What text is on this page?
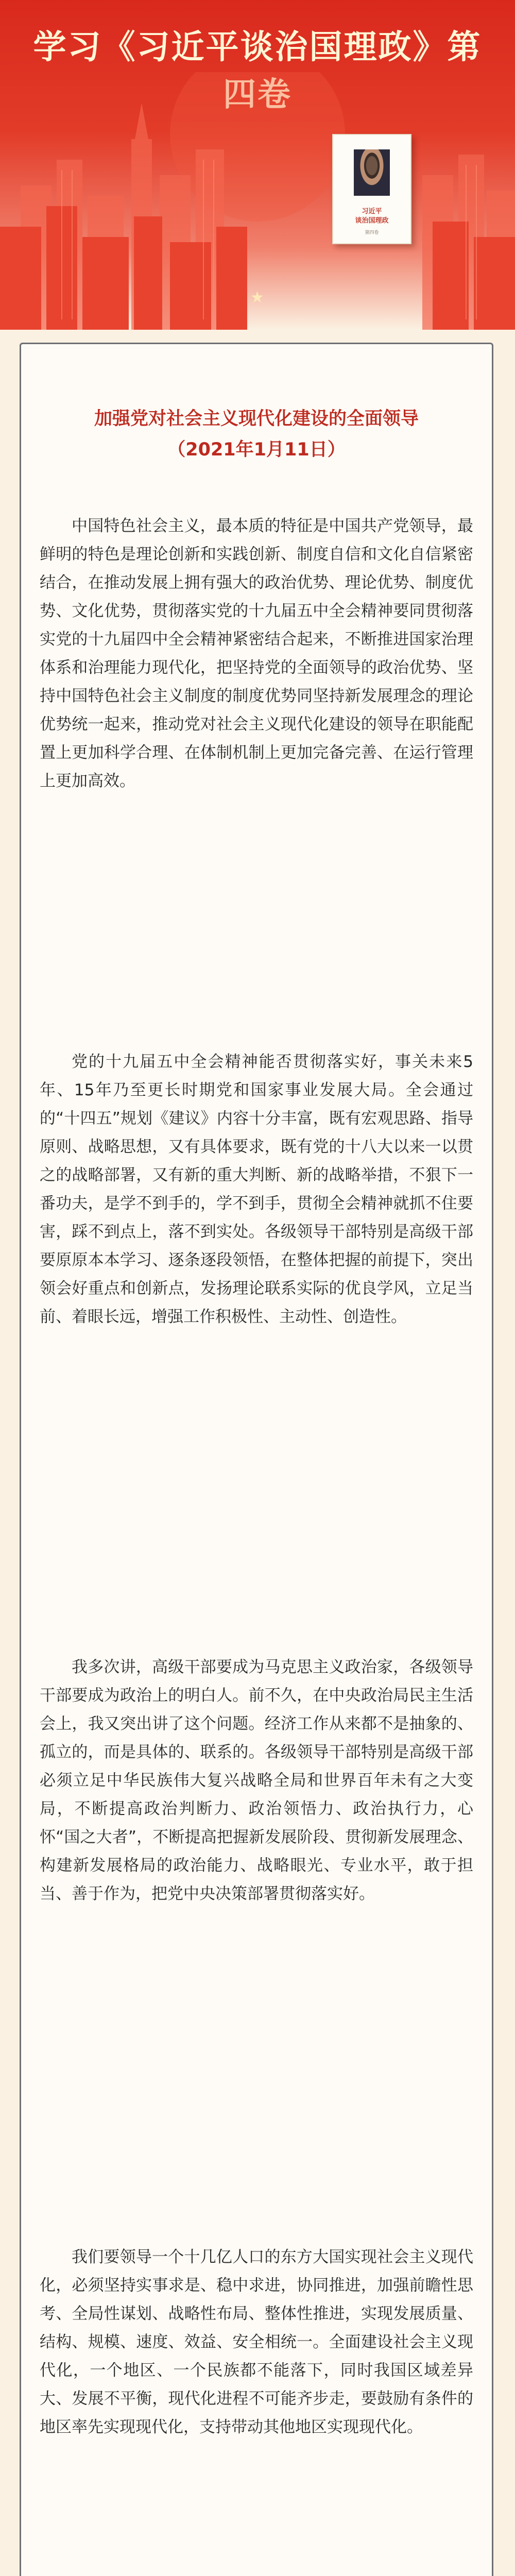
学习《习近平谈治国理政》第四卷
习近平
谈治国理政
第四卷
★
加强党对社会主义现代化建设的全面领导
（2021年1月11日）

中国特色社会主义，最本质的特征是中国共产党领导，最鲜明的特色是理论创新和实践创新、制度自信和文化自信紧密结合，在推动发展上拥有强大的政治优势、理论优势、制度优势、文化优势，贯彻落实党的十九届五中全会精神要同贯彻落实党的十九届四中全会精神紧密结合起来，不断推进国家治理体系和治理能力现代化，把坚持党的全面领导的政治优势、坚持中国特色社会主义制度的制度优势同坚持新发展理念的理论优势统一起来，推动党对社会主义现代化建设的领导在职能配置上更加科学合理、在体制机制上更加完备完善、在运行管理上更加高效。

党的十九届五中全会精神能否贯彻落实好，事关未来5年、15年乃至更长时期党和国家事业发展大局。全会通过的“十四五”规划《建议》内容十分丰富，既有宏观思路、指导原则、战略思想，又有具体要求，既有党的十八大以来一以贯之的战略部署，又有新的重大判断、新的战略举措，不狠下一番功夫，是学不到手的，学不到手，贯彻全会精神就抓不住要害，踩不到点上，落不到实处。各级领导干部特别是高级干部要原原本本学习、逐条逐段领悟，在整体把握的前提下，突出领会好重点和创新点，发扬理论联系实际的优良学风，立足当前、着眼长远，增强工作积极性、主动性、创造性。

我多次讲，高级干部要成为马克思主义政治家，各级领导干部要成为政治上的明白人。前不久，在中央政治局民主生活会上，我又突出讲了这个问题。经济工作从来都不是抽象的、孤立的，而是具体的、联系的。各级领导干部特别是高级干部必须立足中华民族伟大复兴战略全局和世界百年未有之大变局，不断提高政治判断力、政治领悟力、政治执行力，心怀“国之大者”，不断提高把握新发展阶段、贯彻新发展理念、构建新发展格局的政治能力、战略眼光、专业水平，敢于担当、善于作为，把党中央决策部署贯彻落实好。

我们要领导一个十几亿人口的东方大国实现社会主义现代化，必须坚持实事求是、稳中求进，协同推进，加强前瞻性思考、全局性谋划、战略性布局、整体性推进，实现发展质量、结构、规模、速度、效益、安全相统一。全面建设社会主义现代化，一个地区、一个民族都不能落下，同时我国区域差异大、发展不平衡，现代化进程不可能齐步走，要鼓励有条件的地区率先实现现代化，支持带动其他地区实现现代化。
